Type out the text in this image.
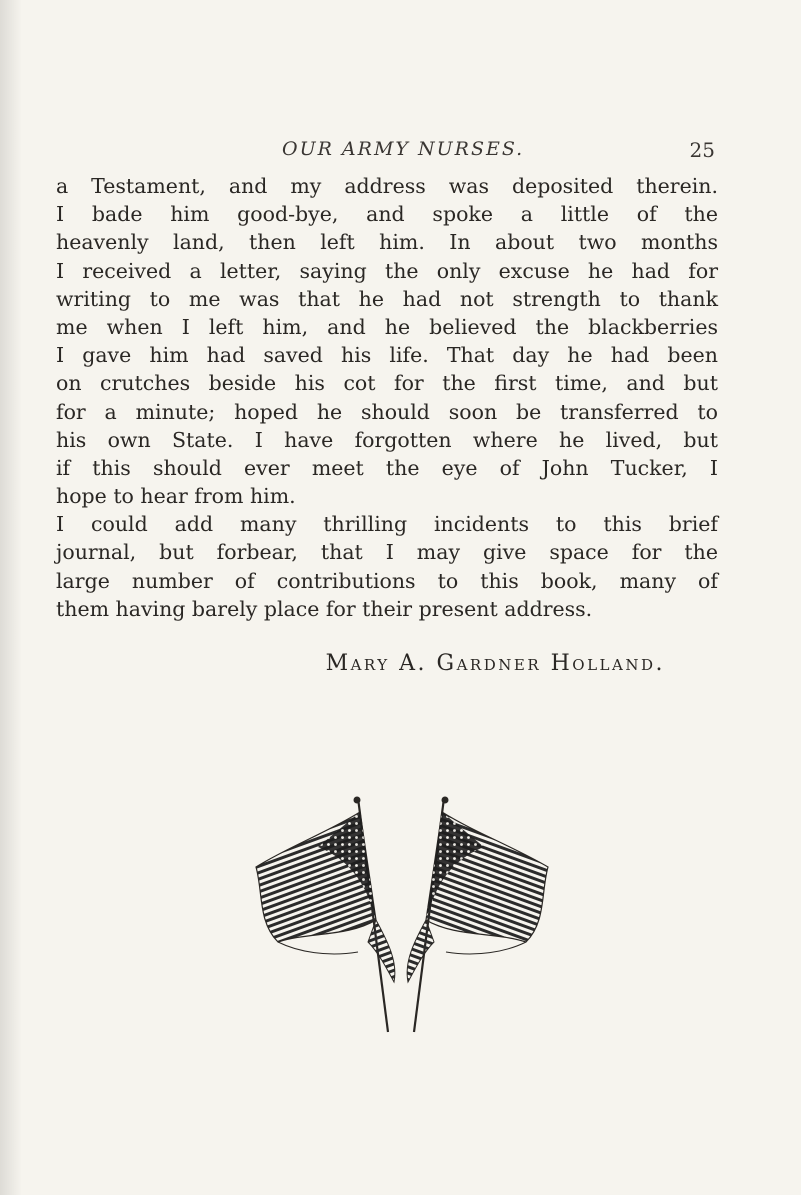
OUR ARMY NURSES.	25
a Testament, and my address was deposited therein.
I bade him good-bye, and spoke a little of the
heavenly land, then left him. In about two months
I received a letter, saying the only excuse he had for
writing to me was that he had not strength to thank
me when I left him, and he believed the blackberries
I gave him had saved his life. That day he had been
on crutches beside his cot for the first time, and but
for a minute; hoped he should soon be transferred to
his own State. I have forgotten where he lived, but
if this should ever meet the eye of John Tucker, I
hope to hear from him.
I could add many thrilling incidents to this brief
journal, but forbear, that I may give space for the
large number of contributions to this book, many of
them having barely place for their present address.
Mary A. Gardner Holland.
